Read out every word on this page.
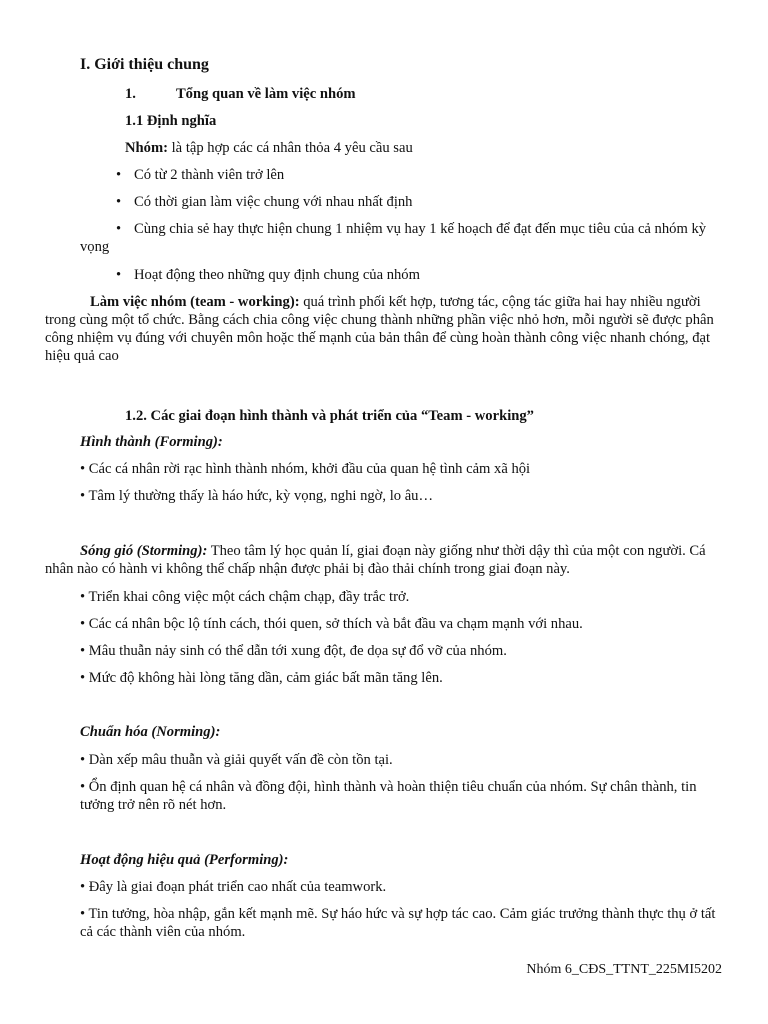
I. Giới thiệu chung
1.	Tổng quan về làm việc nhóm
1.1 Định nghĩa
Nhóm: là tập hợp các cá nhân thỏa 4 yêu cầu sau
• Có từ 2 thành viên trở lên
• Có thời gian làm việc chung với nhau nhất định
• Cùng chia sẻ hay thực hiện chung 1 nhiệm vụ hay 1 kế hoạch để đạt đến mục tiêu của cả nhóm kỳ vọng
• Hoạt động theo những quy định chung của nhóm
Làm việc nhóm (team - working): quá trình phối kết hợp, tương tác, cộng tác giữa hai hay nhiều người trong cùng một tổ chức. Bằng cách chia công việc chung thành những phần việc nhỏ hơn, mỗi người sẽ được phân công nhiệm vụ đúng với chuyên môn hoặc thế mạnh của bản thân để cùng hoàn thành công việc nhanh chóng, đạt hiệu quả cao
1.2. Các giai đoạn hình thành và phát triển của “Team - working”
Hình thành (Forming):
• Các cá nhân rời rạc hình thành nhóm, khởi đầu của quan hệ tình cảm xã hội
• Tâm lý thường thấy là háo hức, kỳ vọng, nghi ngờ, lo âu…
Sóng gió (Storming): Theo tâm lý học quản lí, giai đoạn này giống như thời dậy thì của một con người. Cá nhân nào có hành vi không thể chấp nhận được phải bị đào thải chính trong giai đoạn này.
• Triển khai công việc một cách chậm chạp, đầy trắc trở.
• Các cá nhân bộc lộ tính cách, thói quen, sở thích và bắt đầu va chạm mạnh với nhau.
• Mâu thuẫn nảy sinh có thể dẫn tới xung đột, đe dọa sự đổ vỡ của nhóm.
• Mức độ không hài lòng tăng dần, cảm giác bất mãn tăng lên.
Chuẩn hóa (Norming):
• Dàn xếp mâu thuẫn và giải quyết vấn đề còn tồn tại.
• Ổn định quan hệ cá nhân và đồng đội, hình thành và hoàn thiện tiêu chuẩn của nhóm. Sự chân thành, tin tưởng trở nên rõ nét hơn.
Hoạt động hiệu quả (Performing):
• Đây là giai đoạn phát triển cao nhất của teamwork.
• Tin tưởng, hòa nhập, gắn kết mạnh mẽ. Sự háo hức và sự hợp tác cao. Cảm giác trưởng thành thực thụ ở tất cả các thành viên của nhóm.
Nhóm 6_CĐS_TTNT_225MI5202
